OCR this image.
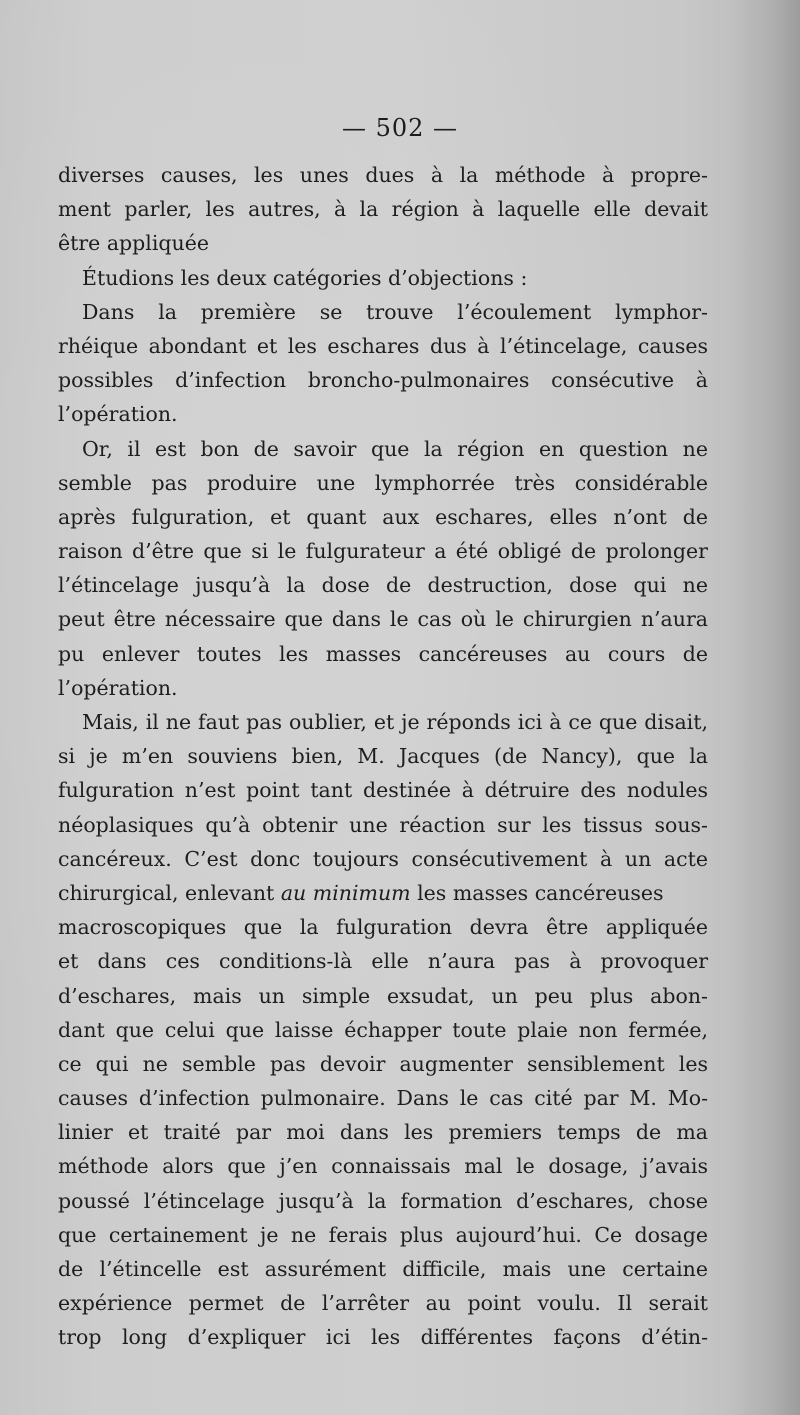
— 502 —
diverses causes, les unes dues à la méthode à propre-
ment parler, les autres, à la région à laquelle elle devait
être appliquée
Étudions les deux catégories d’objections :
Dans la première se trouve l’écoulement lymphor-
rhéique abondant et les eschares dus à l’étincelage, causes
possibles d’infection broncho-pulmonaires consécutive à
l’opération.
Or, il est bon de savoir que la région en question ne
semble pas produire une lymphorrée très considérable
après fulguration, et quant aux eschares, elles n’ont de
raison d’être que si le fulgurateur a été obligé de prolonger
l’étincelage jusqu’à la dose de destruction, dose qui ne
peut être nécessaire que dans le cas où le chirurgien n’aura
pu enlever toutes les masses cancéreuses au cours de
l’opération.
Mais, il ne faut pas oublier, et je réponds ici à ce que disait,
si je m’en souviens bien, M. Jacques (de Nancy), que la
fulguration n’est point tant destinée à détruire des nodules
néoplasiques qu’à obtenir une réaction sur les tissus sous-
cancéreux. C’est donc toujours consécutivement à un acte
chirurgical, enlevant au minimum les masses cancéreuses
macroscopiques que la fulguration devra être appliquée
et dans ces conditions-là elle n’aura pas à provoquer
d’eschares, mais un simple exsudat, un peu plus abon-
dant que celui que laisse échapper toute plaie non fermée,
ce qui ne semble pas devoir augmenter sensiblement les
causes d’infection pulmonaire. Dans le cas cité par M. Mo-
linier et traité par moi dans les premiers temps de ma
méthode alors que j’en connaissais mal le dosage, j’avais
poussé l’étincelage jusqu’à la formation d’eschares, chose
que certainement je ne ferais plus aujourd’hui. Ce dosage
de l’étincelle est assurément difficile, mais une certaine
expérience permet de l’arrêter au point voulu. Il serait
trop long d’expliquer ici les différentes façons d’étin-
